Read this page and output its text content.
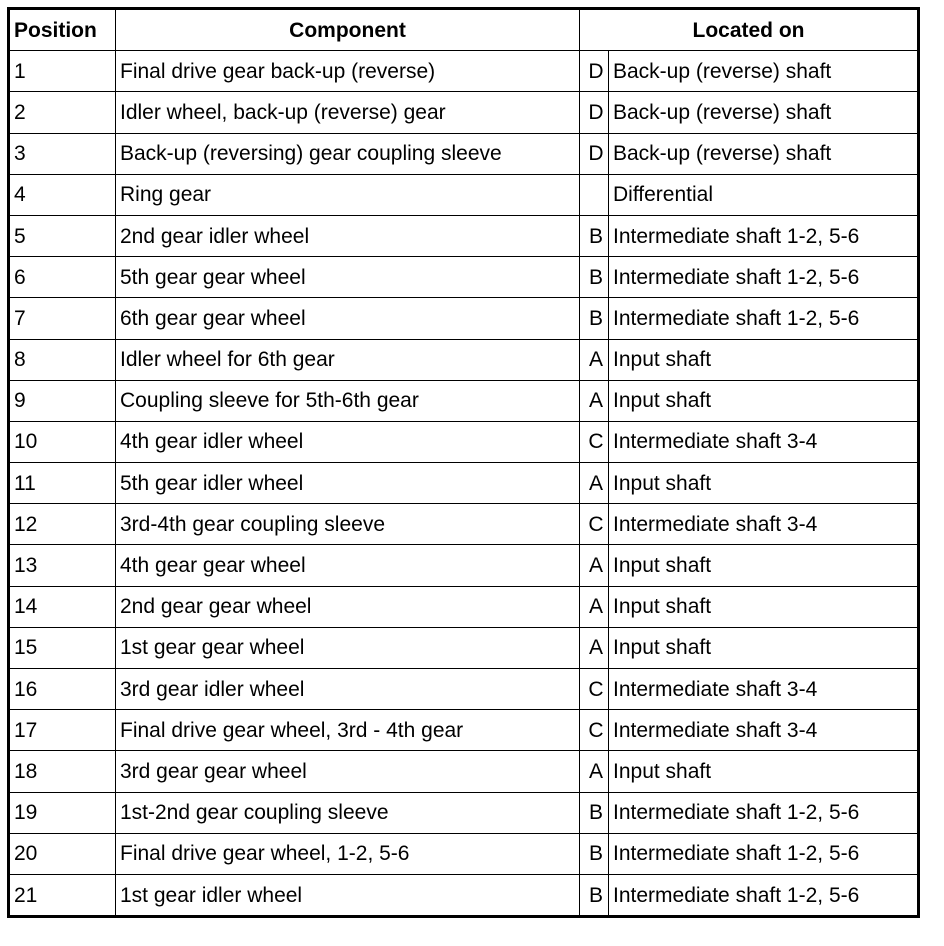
Position	Component	Located on	
1	Final drive gear back-up (reverse)	D	Back-up (reverse) shaft
2	Idler wheel, back-up (reverse) gear	D	Back-up (reverse) shaft
3	Back-up (reversing) gear coupling sleeve	D	Back-up (reverse) shaft
4	Ring gear		Differential
5	2nd gear idler wheel	B	Intermediate shaft 1-2, 5-6
6	5th gear gear wheel	B	Intermediate shaft 1-2, 5-6
7	6th gear gear wheel	B	Intermediate shaft 1-2, 5-6
8	Idler wheel for 6th gear	A	Input shaft
9	Coupling sleeve for 5th-6th gear	A	Input shaft
10	4th gear idler wheel	C	Intermediate shaft 3-4
11	5th gear idler wheel	A	Input shaft
12	3rd-4th gear coupling sleeve	C	Intermediate shaft 3-4
13	4th gear gear wheel	A	Input shaft
14	2nd gear gear wheel	A	Input shaft
15	1st gear gear wheel	A	Input shaft
16	3rd gear idler wheel	C	Intermediate shaft 3-4
17	Final drive gear wheel, 3rd - 4th gear	C	Intermediate shaft 3-4
18	3rd gear gear wheel	A	Input shaft
19	1st-2nd gear coupling sleeve	B	Intermediate shaft 1-2, 5-6
20	Final drive gear wheel, 1-2, 5-6	B	Intermediate shaft 1-2, 5-6
21	1st gear idler wheel	B	Intermediate shaft 1-2, 5-6
